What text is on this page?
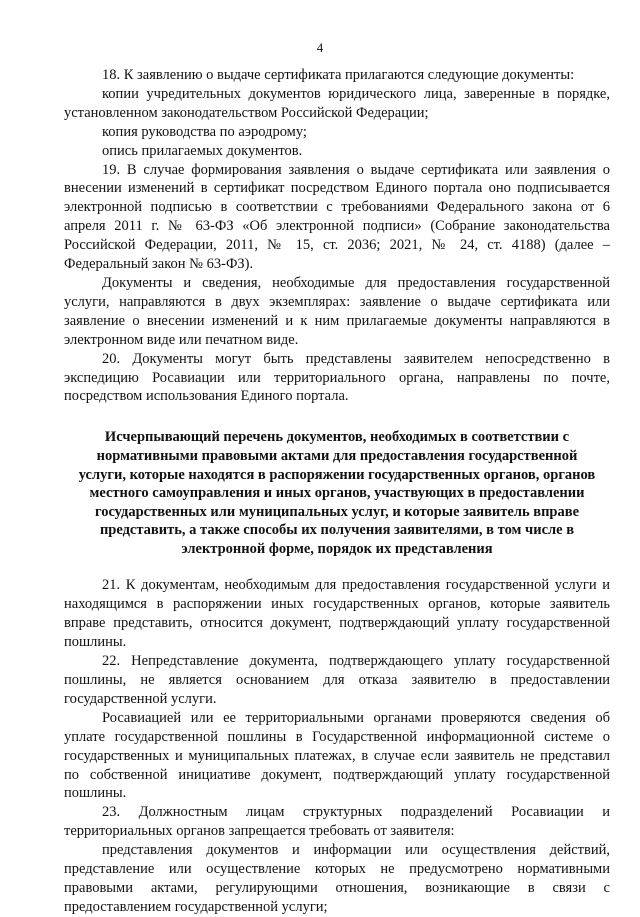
4

18. К заявлению о выдаче сертификата прилагаются следующие документы:

копии учредительных документов юридического лица, заверенные в порядке, установленном законодательством Российской Федерации;

копия руководства по аэродрому;

опись прилагаемых документов.

19. В случае формирования заявления о выдаче сертификата или заявления о внесении изменений в сертификат посредством Единого портала оно подписывается электронной подписью в соответствии с требованиями Федерального закона от 6 апреля 2011 г. № 63-ФЗ «Об электронной подписи» (Собрание законодательства Российской Федерации, 2011, № 15, ст. 2036; 2021, № 24, ст. 4188) (далее – Федеральный закон № 63-ФЗ).

Документы и сведения, необходимые для предоставления государственной услуги, направляются в двух экземплярах: заявление о выдаче сертификата или заявление о внесении изменений и к ним прилагаемые документы направляются в электронном виде или печатном виде.

20. Документы могут быть представлены заявителем непосредственно в экспедицию Росавиации или территориального органа, направлены по почте, посредством использования Единого портала.

Исчерпывающий перечень документов, необходимых в соответствии с нормативными правовыми актами для предоставления государственной услуги, которые находятся в распоряжении государственных органов, органов местного самоуправления и иных органов, участвующих в предоставлении государственных или муниципальных услуг, и которые заявитель вправе представить, а также способы их получения заявителями, в том числе в электронной форме, порядок их представления

21. К документам, необходимым для предоставления государственной услуги и находящимся в распоряжении иных государственных органов, которые заявитель вправе представить, относится документ, подтверждающий уплату государственной пошлины.

22. Непредставление документа, подтверждающего уплату государственной пошлины, не является основанием для отказа заявителю в предоставлении государственной услуги.

Росавиацией или ее территориальными органами проверяются сведения об уплате государственной пошлины в Государственной информационной системе о государственных и муниципальных платежах, в случае если заявитель не представил по собственной инициативе документ, подтверждающий уплату государственной пошлины.

23. Должностным лицам структурных подразделений Росавиации и территориальных органов запрещается требовать от заявителя:

представления документов и информации или осуществления действий, представление или осуществление которых не предусмотрено нормативными правовыми актами, регулирующими отношения, возникающие в связи с предоставлением государственной услуги;
